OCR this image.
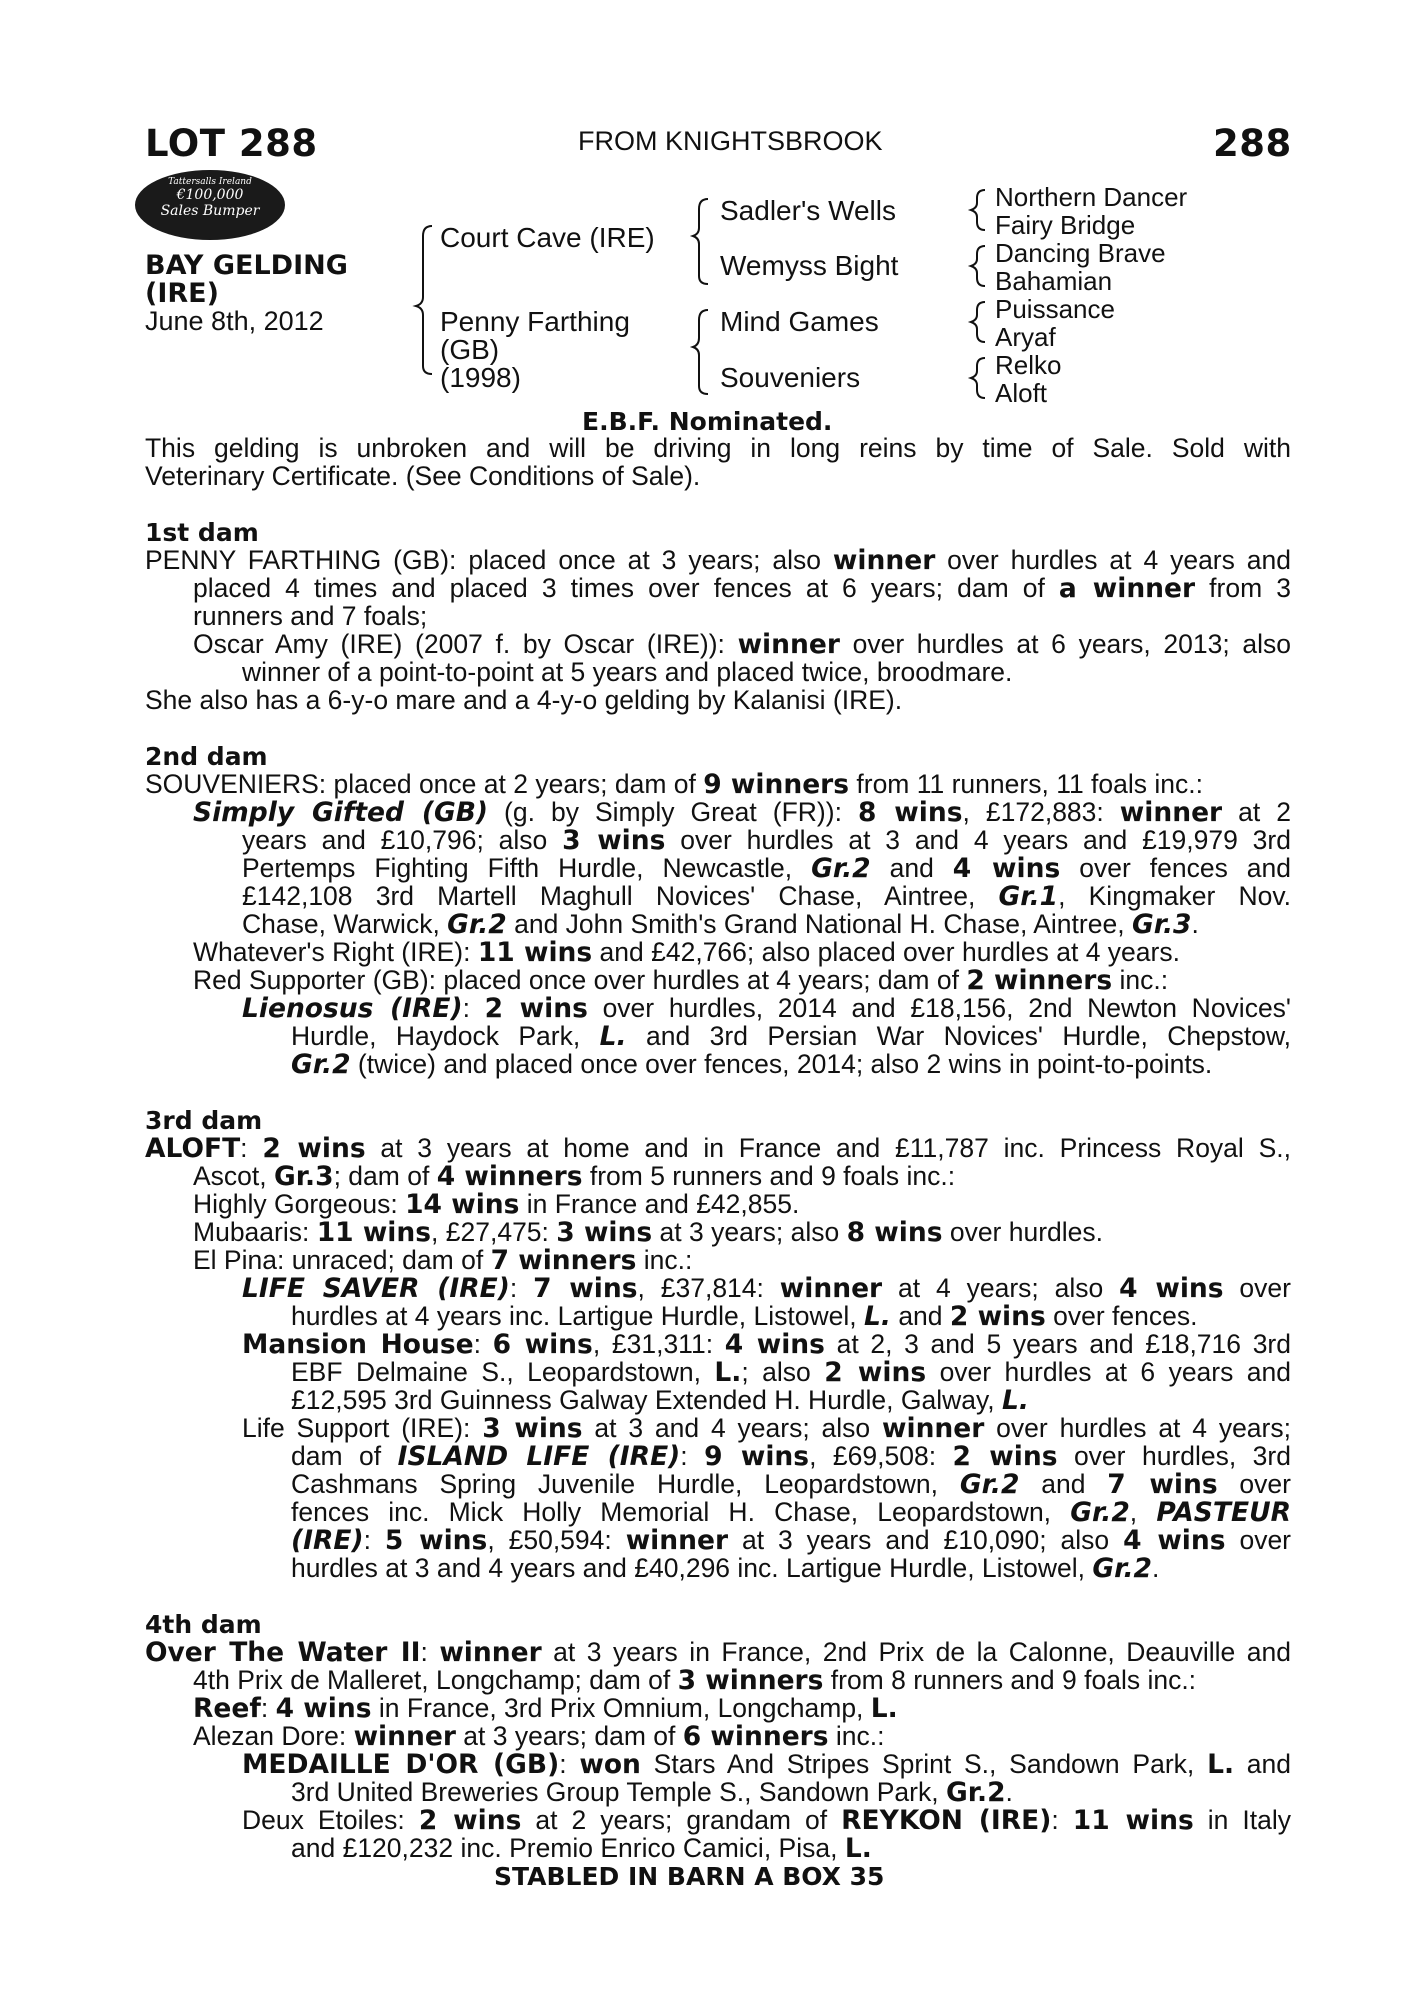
LOT 288	FROM KNIGHTSBROOK	288
Tattersalls Ireland
€100,000
Sales Bumper
BAY GELDING
(IRE)
June 8th, 2012
Court Cave (IRE)
Penny Farthing
(GB)
(1998)
Sadler's Wells
Wemyss Bight
Mind Games
Souveniers
Northern Dancer
Fairy Bridge
Dancing Brave
Bahamian
Puissance
Aryaf
Relko
Aloft
E.B.F. Nominated.
This gelding is unbroken and will be driving in long reins by time of Sale. Sold with
Veterinary Certificate. (See Conditions of Sale).
1st dam
PENNY FARTHING (GB): placed once at 3 years; also winner over hurdles at 4 years and
placed 4 times and placed 3 times over fences at 6 years; dam of a winner from 3
runners and 7 foals;
Oscar Amy (IRE) (2007 f. by Oscar (IRE)): winner over hurdles at 6 years, 2013; also
winner of a point-to-point at 5 years and placed twice, broodmare.
She also has a 6-y-o mare and a 4-y-o gelding by Kalanisi (IRE).
2nd dam
SOUVENIERS: placed once at 2 years; dam of 9 winners from 11 runners, 11 foals inc.:
Simply Gifted (GB) (g. by Simply Great (FR)): 8 wins, £172,883: winner at 2
years and £10,796; also 3 wins over hurdles at 3 and 4 years and £19,979 3rd
Pertemps Fighting Fifth Hurdle, Newcastle, Gr.2 and 4 wins over fences and
£142,108 3rd Martell Maghull Novices' Chase, Aintree, Gr.1, Kingmaker Nov.
Chase, Warwick, Gr.2 and John Smith's Grand National H. Chase, Aintree, Gr.3.
Whatever's Right (IRE): 11 wins and £42,766; also placed over hurdles at 4 years.
Red Supporter (GB): placed once over hurdles at 4 years; dam of 2 winners inc.:
Lienosus (IRE): 2 wins over hurdles, 2014 and £18,156, 2nd Newton Novices'
Hurdle, Haydock Park, L. and 3rd Persian War Novices' Hurdle, Chepstow,
Gr.2 (twice) and placed once over fences, 2014; also 2 wins in point-to-points.
3rd dam
ALOFT: 2 wins at 3 years at home and in France and £11,787 inc. Princess Royal S.,
Ascot, Gr.3; dam of 4 winners from 5 runners and 9 foals inc.:
Highly Gorgeous: 14 wins in France and £42,855.
Mubaaris: 11 wins, £27,475: 3 wins at 3 years; also 8 wins over hurdles.
El Pina: unraced; dam of 7 winners inc.:
LIFE SAVER (IRE): 7 wins, £37,814: winner at 4 years; also 4 wins over
hurdles at 4 years inc. Lartigue Hurdle, Listowel, L. and 2 wins over fences.
Mansion House: 6 wins, £31,311: 4 wins at 2, 3 and 5 years and £18,716 3rd
EBF Delmaine S., Leopardstown, L.; also 2 wins over hurdles at 6 years and
£12,595 3rd Guinness Galway Extended H. Hurdle, Galway, L.
Life Support (IRE): 3 wins at 3 and 4 years; also winner over hurdles at 4 years;
dam of ISLAND LIFE (IRE): 9 wins, £69,508: 2 wins over hurdles, 3rd
Cashmans Spring Juvenile Hurdle, Leopardstown, Gr.2 and 7 wins over
fences inc. Mick Holly Memorial H. Chase, Leopardstown, Gr.2, PASTEUR
(IRE): 5 wins, £50,594: winner at 3 years and £10,090; also 4 wins over
hurdles at 3 and 4 years and £40,296 inc. Lartigue Hurdle, Listowel, Gr.2.
4th dam
Over The Water II: winner at 3 years in France, 2nd Prix de la Calonne, Deauville and
4th Prix de Malleret, Longchamp; dam of 3 winners from 8 runners and 9 foals inc.:
Reef: 4 wins in France, 3rd Prix Omnium, Longchamp, L.
Alezan Dore: winner at 3 years; dam of 6 winners inc.:
MEDAILLE D'OR (GB): won Stars And Stripes Sprint S., Sandown Park, L. and
3rd United Breweries Group Temple S., Sandown Park, Gr.2.
Deux Etoiles: 2 wins at 2 years; grandam of REYKON (IRE): 11 wins in Italy
and £120,232 inc. Premio Enrico Camici, Pisa, L.
STABLED IN BARN A BOX 35
